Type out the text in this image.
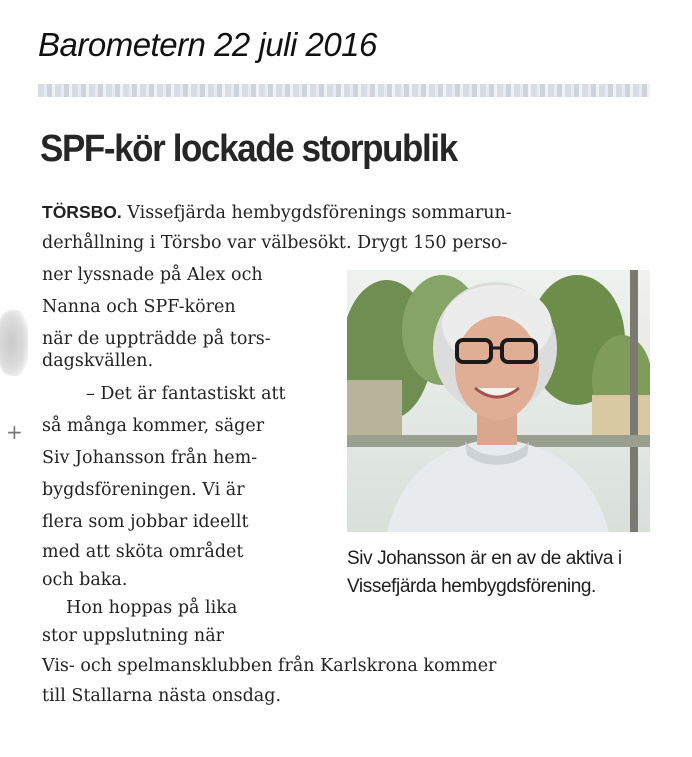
+
Barometern 22 juli 2016
SPF-kör lockade storpublik
TÖRSBO. Vissefjärda hembygdsförenings sommarun-
derhållning i Törsbo var välbesökt. Drygt 150 perso-
ner lyssnade på Alex och
Nanna och SPF-kören
när de uppträdde på tors-
dagskvällen.
– Det är fantastiskt att
så många kommer, säger
Siv Johansson från hem-
bygdsföreningen. Vi är
flera som jobbar ideellt
med att sköta området
och baka.
Hon hoppas på lika
stor uppslutning när
Vis- och spelmansklubben från Karlskrona kommer
till Stallarna nästa onsdag.
Siv Johansson är en av de aktiva i Vissefjärda hembygdsförening.
